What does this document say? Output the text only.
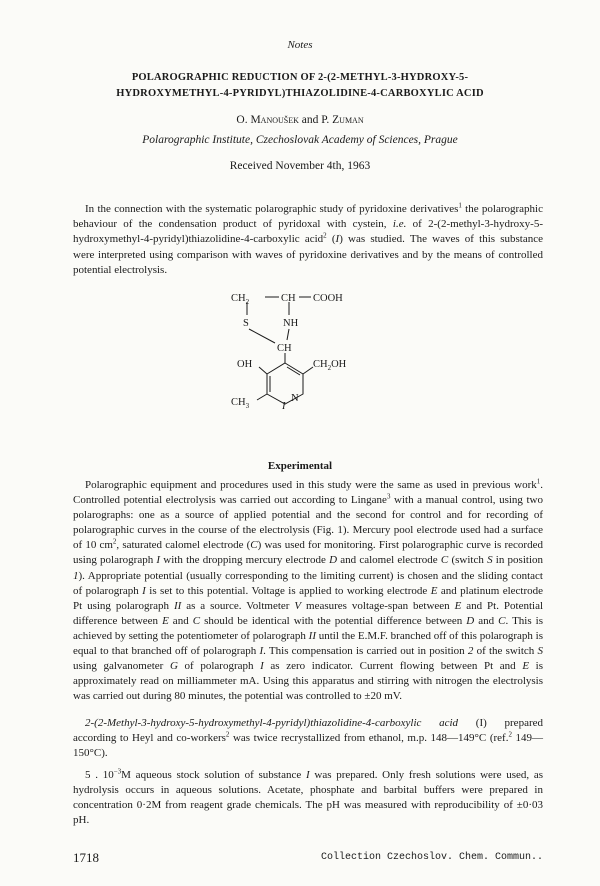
Notes
POLAROGRAPHIC REDUCTION OF 2-(2-METHYL-3-HYDROXY-5-
HYDROXYMETHYL-4-PYRIDYL)THIAZOLIDINE-4-CARBOXYLIC ACID
O. Manoušek and P. Zuman
Polarographic Institute, Czechoslovak Academy of Sciences, Prague
Received November 4th, 1963

In the connection with the systematic polarographic study of pyridoxine derivatives$^1$ the polarographic behaviour of the condensation product of pyridoxal with cystein, i.e. of 2-(2-methyl-3-hydroxy-5-hydroxymethyl-4-pyridyl)thiazolidine-4-carboxylic acid$^2$ (I) was studied. The waves of this substance were interpreted using comparison with waves of pyridoxine derivatives and by the means of controlled potential electrolysis.

$CH_2$	CH COOH
S	NH
CH
OH	$CH_2OH$
$CH_3$
N
I
Experimental

Polarographic equipment and procedures used in this study were the same as used in previous work$^1$. Controlled potential electrolysis was carried out according to Lingane$^3$ with a manual control, using two polarographs: one as a source of applied potential and the second for control and for recording of polarographic curves in the course of the electrolysis (Fig. 1). Mercury pool electrode used had a surface of 10 $cm^2$, saturated calomel electrode (C) was used for monitoring. First polarographic curve is recorded using polarograph I with the dropping mercury electrode D and calomel electrode C (switch S in position 1). Appropriate potential (usually corresponding to the limiting current) is chosen and the sliding contact of polarograph I is set to this potential. Voltage is applied to working electrode E and platinum electrode Pt using polarograph II as a source. Voltmeter V measures voltage-span between E and Pt. Potential difference between E and C should be identical with the potential difference between D and C. This is achieved by setting the potentiometer of polarograph II until the E.M.F. branched off of this polarograph is equal to that branched off of polarograph I. This compensation is carried out in position 2 of the switch S using galvanometer G of polarograph I as zero indicator. Current flowing between Pt and E is approximately read on milliammeter mA. Using this apparatus and stirring with nitrogen the electrolysis was carried out during 80 minutes, the potential was controlled to ±20 mV.

2-(2-Methyl-3-hydroxy-5-hydroxymethyl-4-pyridyl)thiazolidine-4-carboxylic acid (I) prepared according to Heyl and co-workers$^2$ was twice recrystallized from ethanol, m.p. 148—149°C (ref.$^2$ 149—150°C).

5 . $10^{-3}M$ aqueous stock solution of substance I was prepared. Only fresh solutions were used, as hydrolysis occurs in aqueous solutions. Acetate, phosphate and barbital buffers were prepared in concentration 0·2M from reagent grade chemicals. The pH was measured with reproducibility of ±0·03 pH.

1718	Collection Czechoslov. Chem. Commun..
